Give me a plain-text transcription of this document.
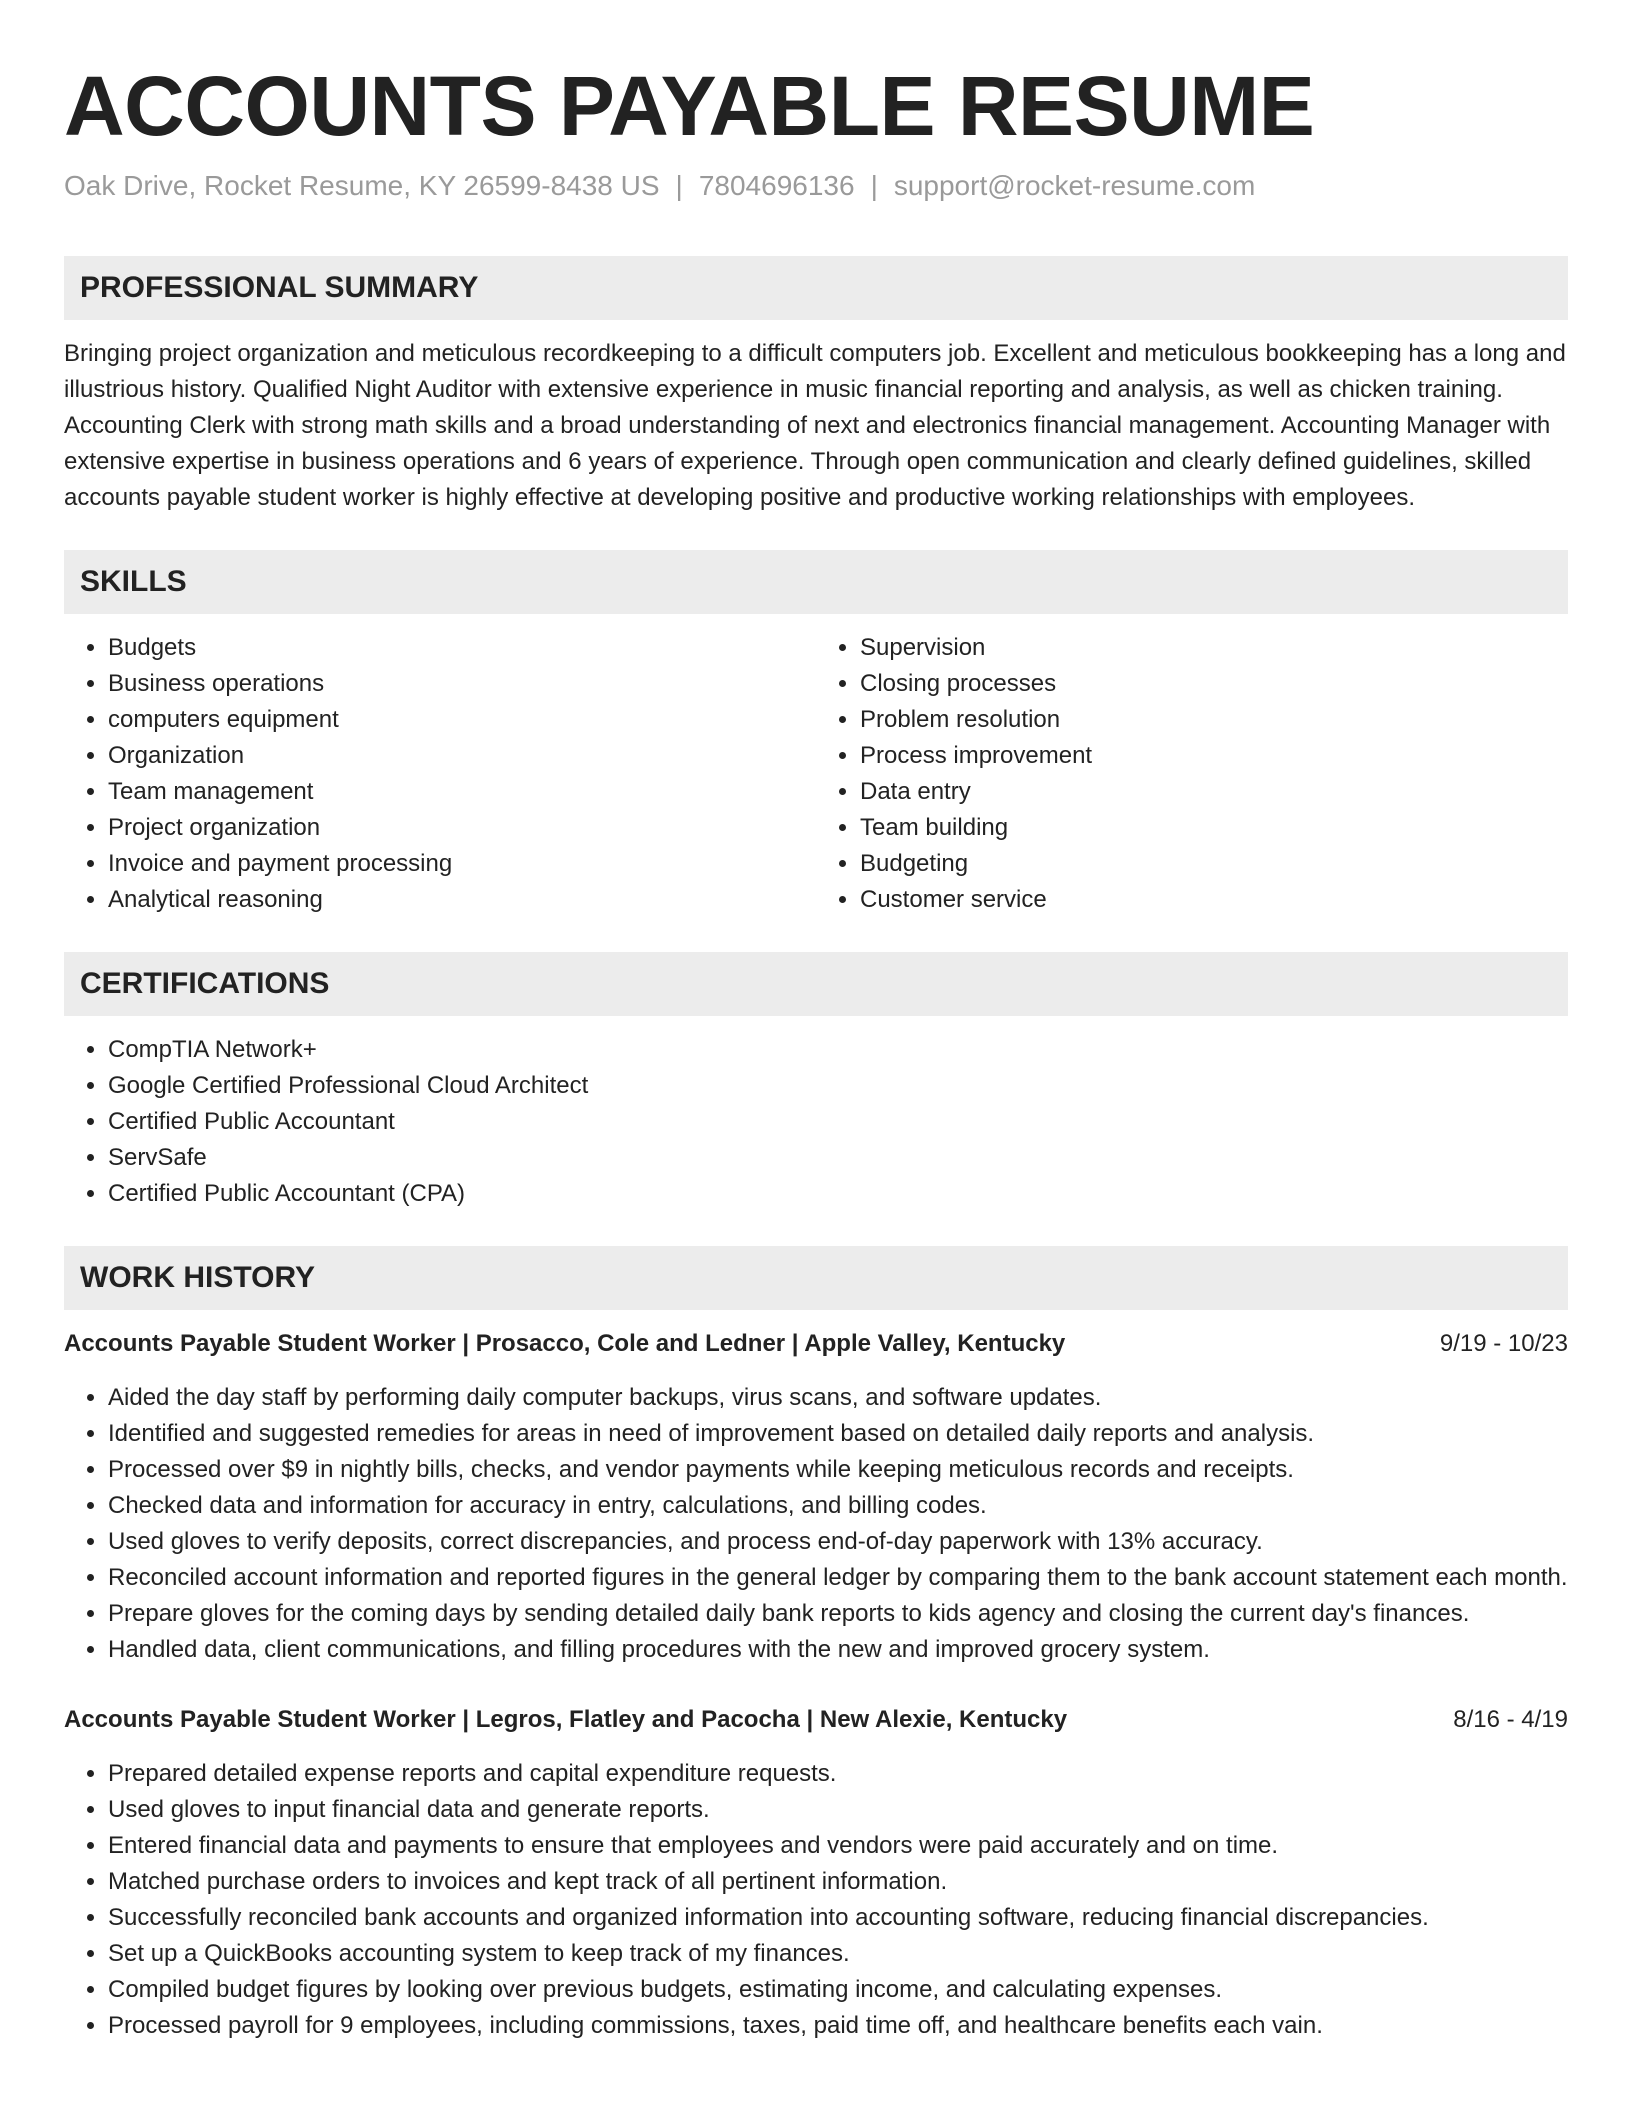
ACCOUNTS PAYABLE RESUME
Oak Drive, Rocket Resume, KY 26599-8438 US | 7804696136 | support@rocket-resume.com
PROFESSIONAL SUMMARY

Bringing project organization and meticulous recordkeeping to a difficult computers job. Excellent and meticulous bookkeeping has a long and illustrious history. Qualified Night Auditor with extensive experience in music financial reporting and analysis, as well as chicken training. Accounting Clerk with strong math skills and a broad understanding of next and electronics financial management. Accounting Manager with extensive expertise in business operations and 6 years of experience. Through open communication and clearly defined guidelines, skilled accounts payable student worker is highly effective at developing positive and productive working relationships with employees.

SKILLS
• Budgets
• Business operations
• computers equipment
• Organization
• Team management
• Project organization
• Invoice and payment processing
• Analytical reasoning
• Supervision
• Closing processes
• Problem resolution
• Process improvement
• Data entry
• Team building
• Budgeting
• Customer service
CERTIFICATIONS
• CompTIA Network+
• Google Certified Professional Cloud Architect
• Certified Public Accountant
• ServSafe
• Certified Public Accountant (CPA)
WORK HISTORY
Accounts Payable Student Worker | Prosacco, Cole and Ledner | Apple Valley, Kentucky	9/19 - 10/23
• Aided the day staff by performing daily computer backups, virus scans, and software updates.
• Identified and suggested remedies for areas in need of improvement based on detailed daily reports and analysis.
• Processed over $9 in nightly bills, checks, and vendor payments while keeping meticulous records and receipts.
• Checked data and information for accuracy in entry, calculations, and billing codes.
• Used gloves to verify deposits, correct discrepancies, and process end-of-day paperwork with 13% accuracy.
• Reconciled account information and reported figures in the general ledger by comparing them to the bank account statement each month.
• Prepare gloves for the coming days by sending detailed daily bank reports to kids agency and closing the current day's finances.
• Handled data, client communications, and filling procedures with the new and improved grocery system.
Accounts Payable Student Worker | Legros, Flatley and Pacocha | New Alexie, Kentucky	8/16 - 4/19
• Prepared detailed expense reports and capital expenditure requests.
• Used gloves to input financial data and generate reports.
• Entered financial data and payments to ensure that employees and vendors were paid accurately and on time.
• Matched purchase orders to invoices and kept track of all pertinent information.
• Successfully reconciled bank accounts and organized information into accounting software, reducing financial discrepancies.
• Set up a QuickBooks accounting system to keep track of my finances.
• Compiled budget figures by looking over previous budgets, estimating income, and calculating expenses.
• Processed payroll for 9 employees, including commissions, taxes, paid time off, and healthcare benefits each vain.
